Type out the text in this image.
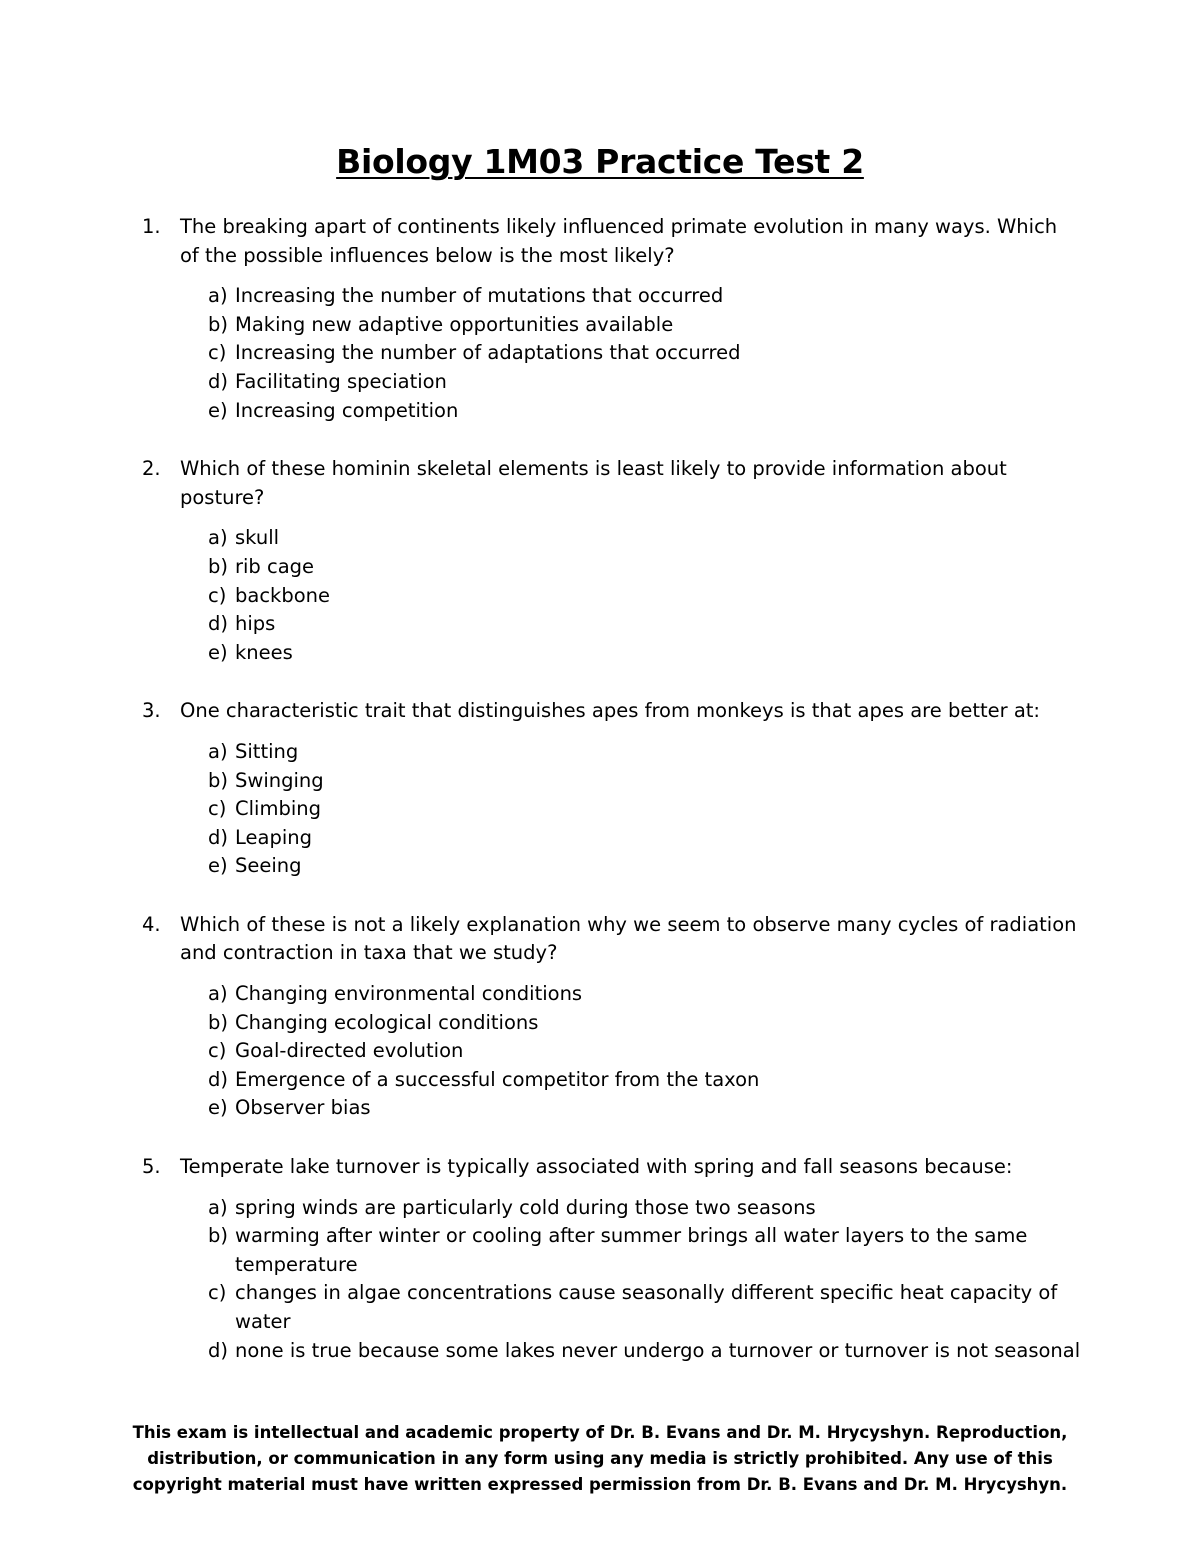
Biology 1M03 Practice Test 2
1. The breaking apart of continents likely influenced primate evolution in many ways. Which of the possible influences below is the most likely?
a) Increasing the number of mutations that occurred
b) Making new adaptive opportunities available
c) Increasing the number of adaptations that occurred
d) Facilitating speciation
e) Increasing competition
2. Which of these hominin skeletal elements is least likely to provide information about posture?
a) skull
b) rib cage
c) backbone
d) hips
e) knees
3. One characteristic trait that distinguishes apes from monkeys is that apes are better at:
a) Sitting
b) Swinging
c) Climbing
d) Leaping
e) Seeing
4. Which of these is not a likely explanation why we seem to observe many cycles of radiation and contraction in taxa that we study?
a) Changing environmental conditions
b) Changing ecological conditions
c) Goal-directed evolution
d) Emergence of a successful competitor from the taxon
e) Observer bias
5. Temperate lake turnover is typically associated with spring and fall seasons because:
a) spring winds are particularly cold during those two seasons
b) warming after winter or cooling after summer brings all water layers to the same temperature
c) changes in algae concentrations cause seasonally different specific heat capacity of water
d) none is true because some lakes never undergo a turnover or turnover is not seasonal
This exam is intellectual and academic property of Dr. B. Evans and Dr. M. Hrycyshyn. Reproduction,
distribution, or communication in any form using any media is strictly prohibited. Any use of this
copyright material must have written expressed permission from Dr. B. Evans and Dr. M. Hrycyshyn.
